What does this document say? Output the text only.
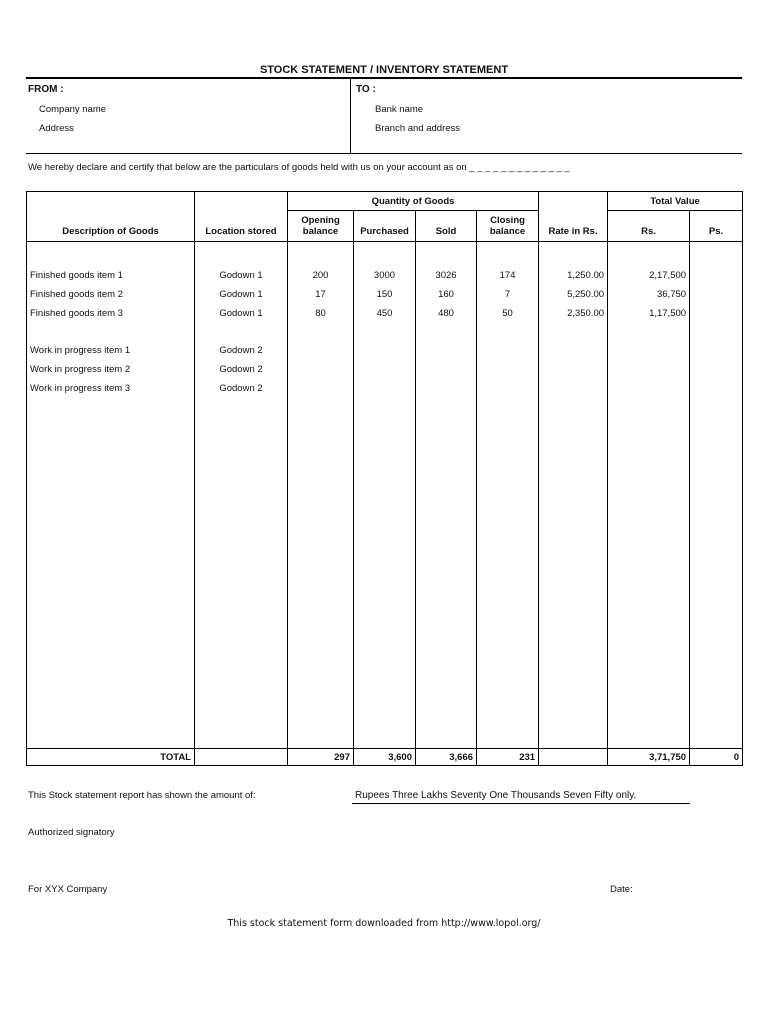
STOCK STATEMENT / INVENTORY STATEMENT
FROM :
Company name
Address
TO :
Bank name
Branch and address
We hereby declare and certify that below are the particulars of goods held with us on your account as on _ _ _ _ _ _ _ _ _ _ _ _ _
		Quantity of Goods					Total Value	
Description of Goods	Location stored	Opening balance	Purchased	Sold	Closing balance	Rate in Rs.	Rs.	Ps.

Finished goods item 1	Godown 1	200	3000	3026	174	1,250.00	2,17,500	
Finished goods item 2	Godown 1	17	150	160	7	5,250.00	36,750	
Finished goods item 3	Godown 1	80	450	480	50	2,350.00	1,17,500	

Work in progress item 1	Godown 2							
Work in progress item 2	Godown 2							
Work in progress item 3	Godown 2							

TOTAL		297	3,600	3,666	231		3,71,750	0
This Stock statement report has shown the amount of:	Rupees Three Lakhs Seventy One Thousands Seven Fifty only.
Authorized signatory
For XYX Company	Date:
This stock statement form downloaded from http://www.lopol.org/
